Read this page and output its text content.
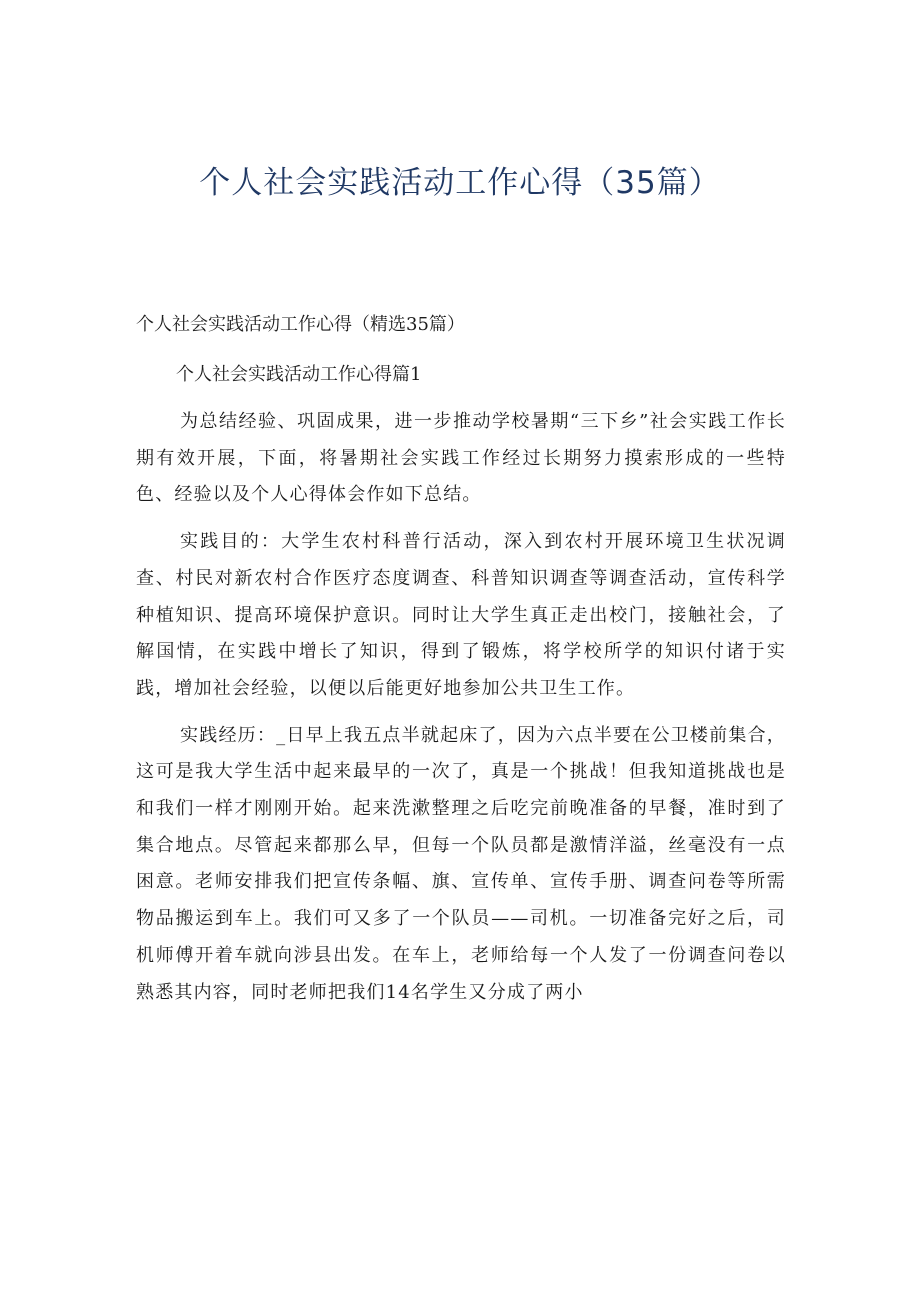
个人社会实践活动工作心得（35篇）

个人社会实践活动工作心得（精选35篇）

个人社会实践活动工作心得篇1

为总结经验、巩固成果，进一步推动学校暑期“三下乡”社会实践工作长期有效开展，下面，将暑期社会实践工作经过长期努力摸索形成的一些特色、经验以及个人心得体会作如下总结。

实践目的：大学生农村科普行活动，深入到农村开展环境卫生状况调查、村民对新农村合作医疗态度调查、科普知识调查等调查活动，宣传科学种植知识、提高环境保护意识。同时让大学生真正走出校门，接触社会，了解国情，在实践中增长了知识，得到了锻炼，将学校所学的知识付诸于实践，增加社会经验，以便以后能更好地参加公共卫生工作。

实践经历：_日早上我五点半就起床了，因为六点半要在公卫楼前集合，这可是我大学生活中起来最早的一次了，真是一个挑战！但我知道挑战也是和我们一样才刚刚开始。起来洗漱整理之后吃完前晚准备的早餐，准时到了集合地点。尽管起来都那么早，但每一个队员都是激情洋溢，丝毫没有一点困意。老师安排我们把宣传条幅、旗、宣传单、宣传手册、调查问卷等所需物品搬运到车上。我们可又多了一个队员——司机。一切准备完好之后，司机师傅开着车就向涉县出发。在车上，老师给每一个人发了一份调查问卷以熟悉其内容，同时老师把我们14名学生又分成了两小
